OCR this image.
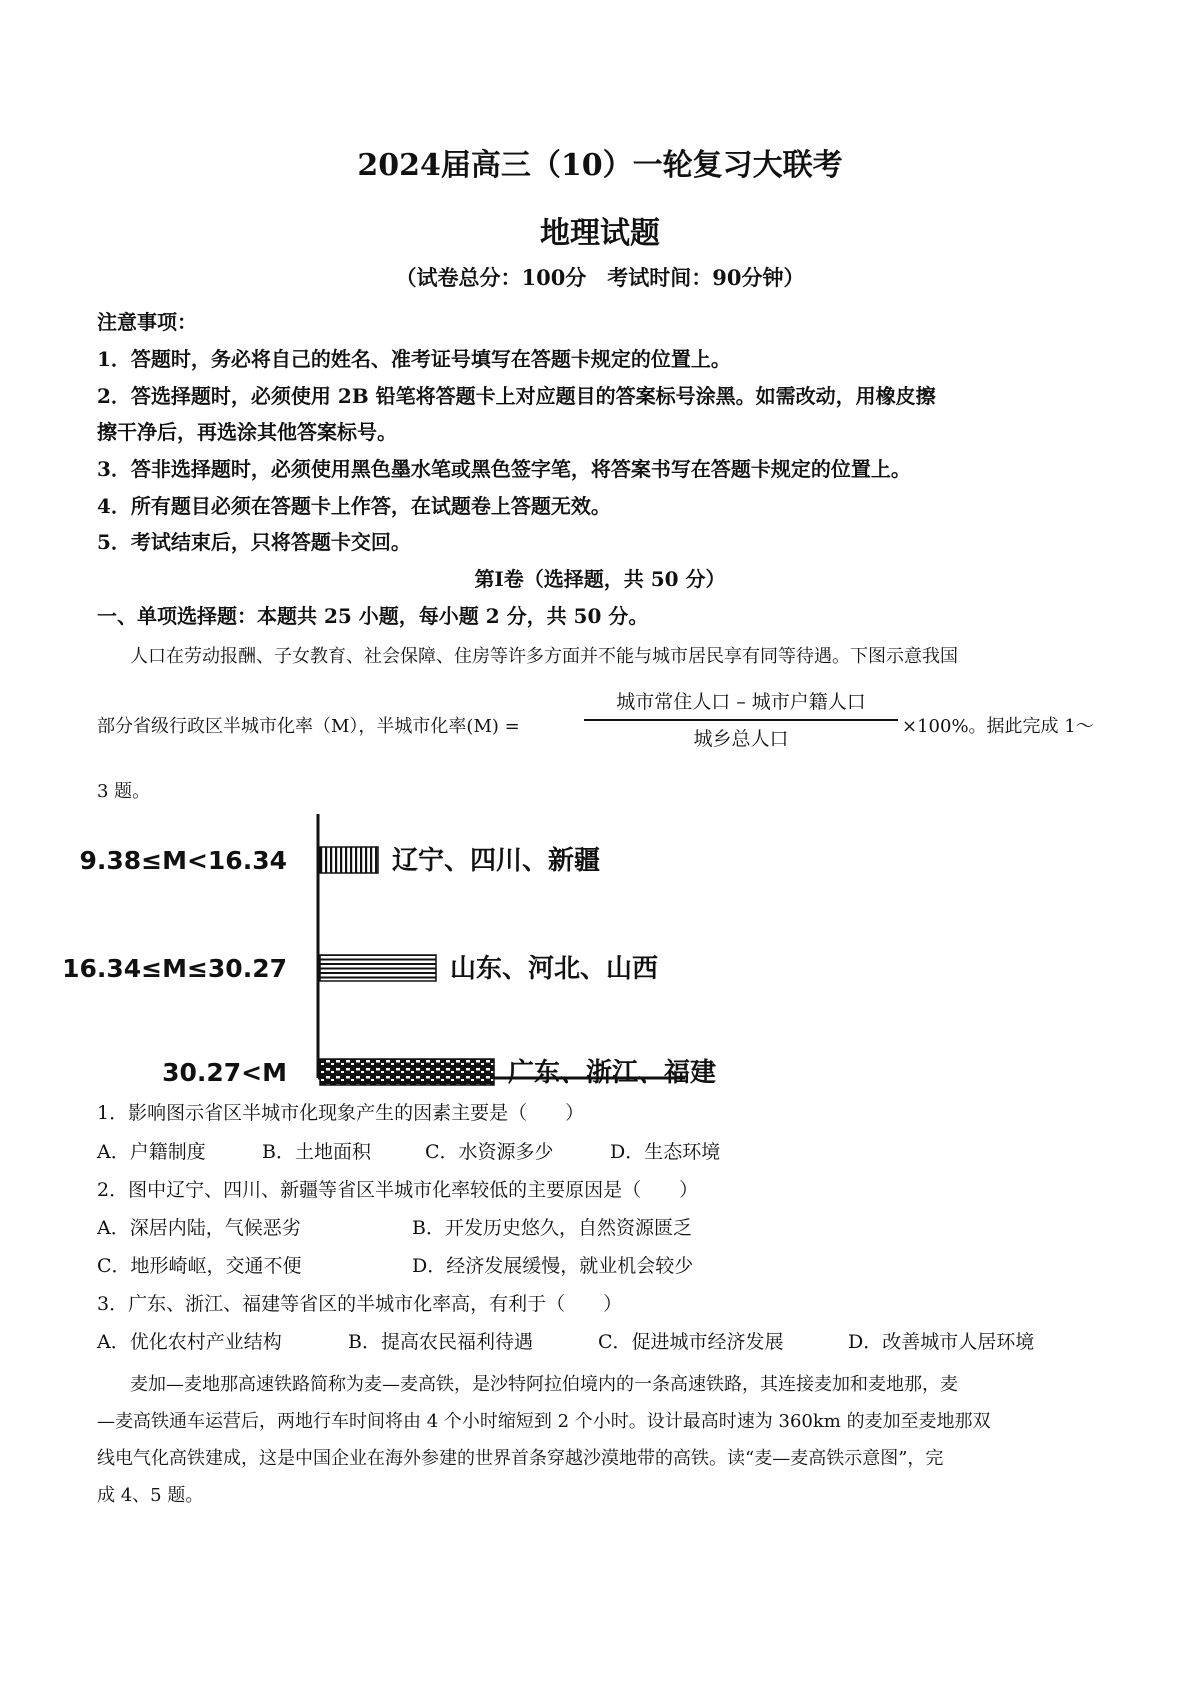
2024届高三（10）一轮复习大联考
地理试题
（试卷总分：100分　考试时间：90分钟）
注意事项：
1．答题时，务必将自己的姓名、准考证号填写在答题卡规定的位置上。
2．答选择题时，必须使用 2B 铅笔将答题卡上对应题目的答案标号涂黑。如需改动，用橡皮擦
擦干净后，再选涂其他答案标号。
3．答非选择题时，必须使用黑色墨水笔或黑色签字笔，将答案书写在答题卡规定的位置上。
4．所有题目必须在答题卡上作答，在试题卷上答题无效。
5．考试结束后，只将答题卡交回。
第Ⅰ卷（选择题，共 50 分）
一、单项选择题：本题共 25 小题，每小题 2 分，共 50 分。
人口在劳动报酬、子女教育、社会保障、住房等许多方面并不能与城市居民享有同等待遇。下图示意我国
部分省级行政区半城市化率（M），半城市化率(M) =
城市常住人口 – 城市户籍人口
城乡总人口
×100%。据此完成 1～
3 题。
9.38≤M<16.34	辽宁、四川、新疆
16.34≤M≤30.27	山东、河北、山西
30.27<M	广东、浙江、福建
1．影响图示省区半城市化现象产生的因素主要是（　　）
A．户籍制度	B．土地面积	C．水资源多少	D．生态环境
2．图中辽宁、四川、新疆等省区半城市化率较低的主要原因是（　　）
A．深居内陆，气候恶劣	B．开发历史悠久，自然资源匮乏
C．地形崎岖，交通不便	D．经济发展缓慢，就业机会较少
3．广东、浙江、福建等省区的半城市化率高，有利于（　　）
A．优化农村产业结构	B．提高农民福利待遇	C．促进城市经济发展	D．改善城市人居环境
麦加—麦地那高速铁路简称为麦—麦高铁，是沙特阿拉伯境内的一条高速铁路，其连接麦加和麦地那，麦
—麦高铁通车运营后，两地行车时间将由 4 个小时缩短到 2 个小时。设计最高时速为 360km 的麦加至麦地那双
线电气化高铁建成，这是中国企业在海外参建的世界首条穿越沙漠地带的高铁。读“麦—麦高铁示意图”，完
成 4、5 题。
